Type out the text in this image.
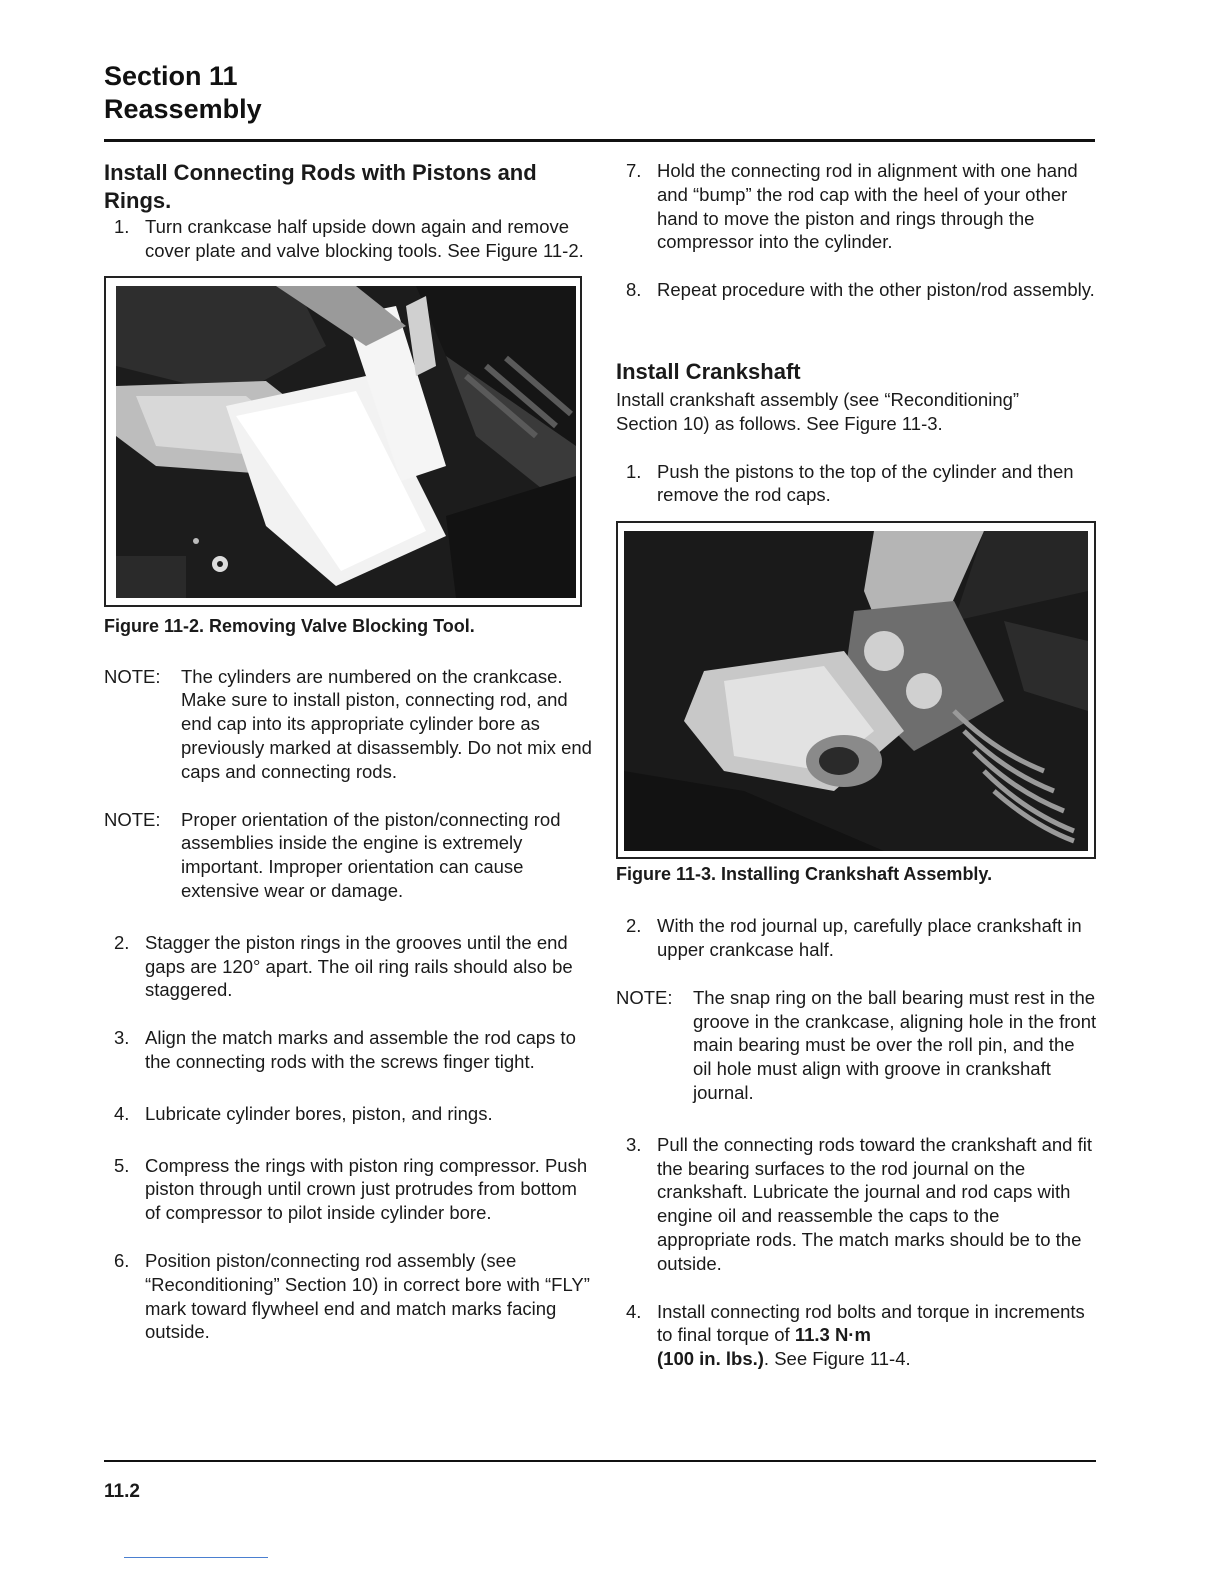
Section 11
Reassembly
Install Connecting Rods with Pistons and
Rings.
1. Turn crankcase half upside down again and remove cover plate and valve blocking tools. See Figure 11-2.
Figure 11-2. Removing Valve Blocking Tool.
NOTE:	The cylinders are numbered on the crankcase. Make sure to install piston, connecting rod, and end cap into its appropriate cylinder bore as previously marked at disassembly. Do not mix end caps and connecting rods.
NOTE:	Proper orientation of the piston/connecting rod assemblies inside the engine is extremely important. Improper orientation can cause extensive wear or damage.
2. Stagger the piston rings in the grooves until the end gaps are 120° apart. The oil ring rails should also be staggered.
3. Align the match marks and assemble the rod caps to the connecting rods with the screws finger tight.
4. Lubricate cylinder bores, piston, and rings.
5. Compress the rings with piston ring compressor. Push piston through until crown just protrudes from bottom of compressor to pilot inside cylinder bore.
6. Position piston/connecting rod assembly (see “Reconditioning” Section 10) in correct bore with “FLY” mark toward flywheel end and match marks facing outside.
7. Hold the connecting rod in alignment with one hand and “bump” the rod cap with the heel of your other hand to move the piston and rings through the compressor into the cylinder.
8. Repeat procedure with the other piston/rod assembly.
Install Crankshaft
Install crankshaft assembly (see “Reconditioning” Section 10) as follows. See Figure 11-3.
1. Push the pistons to the top of the cylinder and then remove the rod caps.
Figure 11-3. Installing Crankshaft Assembly.
2. With the rod journal up, carefully place crankshaft in upper crankcase half.
NOTE:	The snap ring on the ball bearing must rest in the groove in the crankcase, aligning hole in the front main bearing must be over the roll pin, and the oil hole must align with groove in crankshaft journal.
3. Pull the connecting rods toward the crankshaft and fit the bearing surfaces to the rod journal on the crankshaft. Lubricate the journal and rod caps with engine oil and reassemble the caps to the appropriate rods. The match marks should be to the outside.
4. Install connecting rod bolts and torque in increments to final torque of 11.3 N·m
(100 in. lbs.). See Figure 11-4.
11.2
